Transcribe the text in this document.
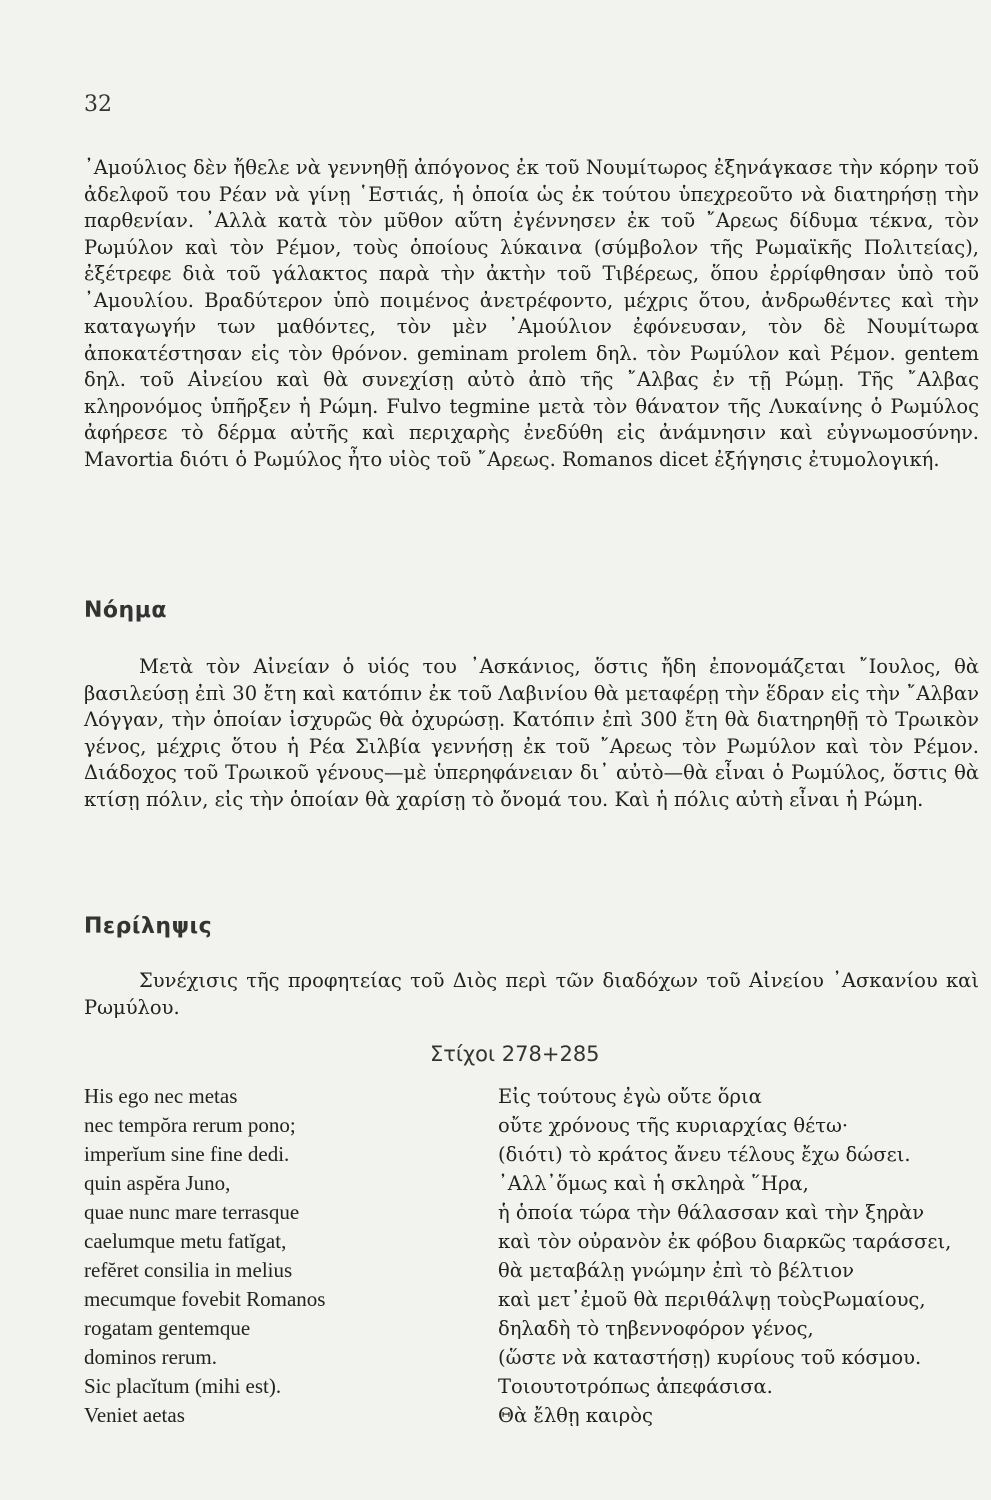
32
᾿Αμούλιος δὲν ἤθελε νὰ γεννηθῇ ἀπόγονος ἐκ τοῦ Νουμίτωρος ἐξηνάγκασε τὴν κόρην τοῦ ἀδελφοῦ του Ρέαν νὰ γίνῃ ῾Εστιάς, ἡ ὁποία ὡς ἐκ τούτου ὑπεχρεοῦτο νὰ διατηρήσῃ τὴν παρθενίαν. ᾿Αλλὰ κατὰ τὸν μῦθον αὕτη ἐγέννησεν ἐκ τοῦ ῎Αρεως δίδυμα τέκνα, τὸν Ρωμύλον καὶ τὸν Ρέμον, τοὺς ὁποίους λύκαινα (σύμβολον τῆς Ρωμαϊκῆς Πολιτείας), ἐξέτρεφε διὰ τοῦ γάλακτος παρὰ τὴν ἀκτὴν τοῦ Τιβέρεως, ὅπου ἐρρίφθησαν ὑπὸ τοῦ ᾿Αμουλίου. Βραδύτερον ὑπὸ ποιμένος ἀνετρέφοντο, μέχρις ὅτου, ἀνδρωθέντες καὶ τὴν καταγωγήν των μαθόντες, τὸν μὲν ᾿Αμούλιον ἐφόνευσαν, τὸν δὲ Νουμίτωρα ἀποκατέστησαν εἰς τὸν θρόνον. geminam prolem δηλ. τὸν Ρωμύλον καὶ Ρέμον. gentem δηλ. τοῦ Αἰνείου καὶ θὰ συνεχίσῃ αὐτὸ ἀπὸ τῆς ῎Αλβας ἐν τῇ Ρώμῃ. Τῆς ῎Αλβας κληρονόμος ὑπῆρξεν ἡ Ρώμη. Fulvo tegmine μετὰ τὸν θάνατον τῆς Λυκαίνης ὁ Ρωμύλος ἀφήρεσε τὸ δέρμα αὐτῆς καὶ περιχαρὴς ἐνεδύθη εἰς ἀνάμνησιν καὶ εὐγνωμοσύνην. Mavortia διότι ὁ Ρωμύλος ἦτο υἱὸς τοῦ ῎Αρεως. Romanos dicet ἐξήγησις ἐτυμολογική.
Νόημα
Μετὰ τὸν Αἰνείαν ὁ υἱός του ᾿Ασκάνιος, ὅστις ἤδη ἐπονομάζεται ῎Ιουλος, θὰ βασιλεύσῃ ἐπὶ 30 ἔτη καὶ κατόπιν ἐκ τοῦ Λαβινίου θὰ μεταφέρῃ τὴν ἕδραν εἰς τὴν ῎Αλβαν Λόγγαν, τὴν ὁποίαν ἰσχυρῶς θὰ ὀχυρώσῃ. Κατόπιν ἐπὶ 300 ἔτη θὰ διατηρηθῇ τὸ Τρωικὸν γένος, μέχρις ὅτου ἡ Ρέα Σιλβία γεννήσῃ ἐκ τοῦ ῎Αρεως τὸν Ρωμύλον καὶ τὸν Ρέμον. Διάδοχος τοῦ Τρωικοῦ γένους—μὲ ὑπερηφάνειαν δι᾿ αὐτὸ—θὰ εἶναι ὁ Ρωμύλος, ὅστις θὰ κτίσῃ πόλιν, εἰς τὴν ὁποίαν θὰ χαρίσῃ τὸ ὄνομά του. Καὶ ἡ πόλις αὐτὴ εἶναι ἡ Ρώμη.
Περίληψις
Συνέχισις τῆς προφητείας τοῦ Διὸς περὶ τῶν διαδόχων τοῦ Αἰνείου ᾿Ασκανίου καὶ Ρωμύλου.
Στίχοι 278+285
His ego nec metas	Εἰς τούτους ἐγὼ οὔτε ὅρια
nec tempŏra rerum pono;	οὔτε χρόνους τῆς κυριαρχίας θέτω·
imperĭum sine fine dedi.	(διότι) τὸ κράτος ἄνευ τέλους ἔχω δώσει.
quin aspĕra Juno,	᾿Αλλ᾿ὅμως καὶ ἡ σκληρὰ ῞Ηρα,
quae nunc mare terrasque	ἡ ὁποία τώρα τὴν θάλασσαν καὶ τὴν ξηρὰν
caelumque metu fatĭgat,	καὶ τὸν οὐρανὸν ἐκ φόβου διαρκῶς ταράσσει,
refĕret consilia in melius	θὰ μεταβάλῃ γνώμην ἐπὶ τὸ βέλτιον
mecumque fovebit Romanos	καὶ μετ᾿ἐμοῦ θὰ περιθάλψῃ τοὺςΡωμαίους,
rogatam gentemque	δηλαδὴ τὸ τηβεννοφόρον γένος,
dominos rerum.	(ὥστε νὰ καταστήσῃ) κυρίους τοῦ κόσμου.
Sic placĭtum (mihi est).	Τοιουτοτρόπως ἀπεφάσισα.
Veniet aetas	Θὰ ἔλθῃ καιρὸς
